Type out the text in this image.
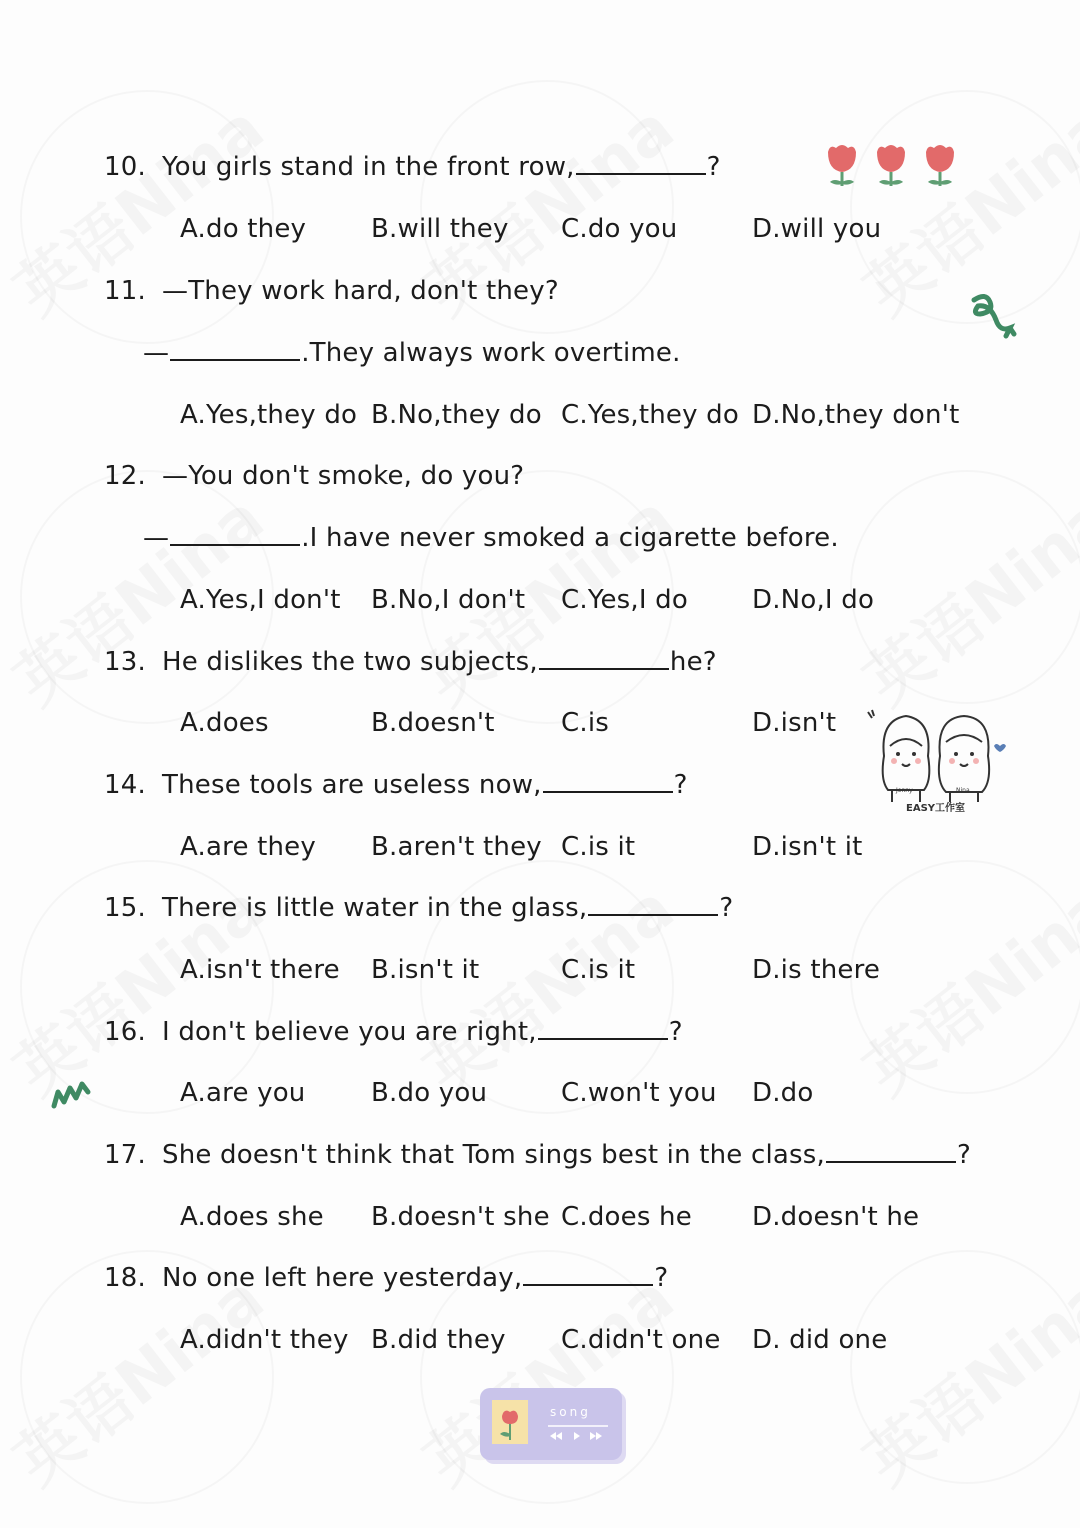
10. You girls stand in the front row,	?
A.do they B.will they C.do you	D.will you
11. —They work hard, don't they?
—	.They always work overtime.
A.Yes,they do B.No,they do C.Yes,they do D.No,they don't
12. —You don't smoke, do you?
—	.I have never smoked a cigarette before.
A.Yes,I don't B.No,I don't C.Yes,I do D.No,I do
13. He dislikes the two subjects,	he?
A.does	B.doesn't	C.is	D.isn't
14. These tools are useless now,	?
A.are they B.aren't they C.is it	D.isn't it
15. There is little water in the glass,	?
A.isn't there B.isn't it	C.is it	D.is there
16. I don't believe you are right,	?
A.are you	B.do you	C.won't you D.do
17. She doesn't think that Tom sings best in the class,	?
A.does she B.doesn't she C.does he D.doesn't he
18. No one left here yesterday,	?
A.didn't they B.did they C.didn't one D. did one
Jenny	Nina
EASY工作室
song
